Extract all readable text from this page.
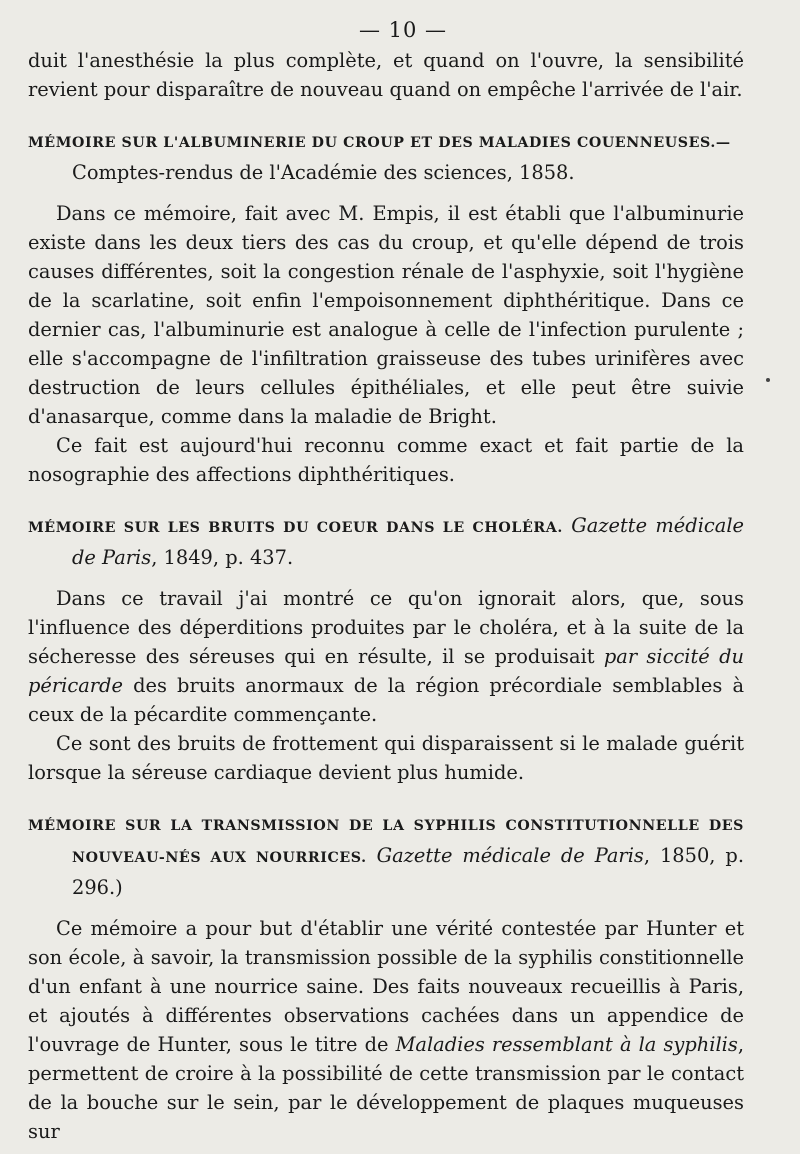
— 10 —

duit l'anesthésie la plus complète, et quand on l'ouvre, la sensibilité revient pour disparaître de nouveau quand on empêche l'arrivée de l'air.

MÉMOIRE SUR L'ALBUMINERIE DU CROUP ET DES MALADIES COUENNEUSES.—
Comptes-rendus de l'Académie des sciences, 1858.

Dans ce mémoire, fait avec M. Empis, il est établi que l'albuminurie existe dans les deux tiers des cas du croup, et qu'elle dépend de trois causes différentes, soit la congestion rénale de l'asphyxie, soit l'hygiène de la scarlatine, soit enfin l'empoisonnement diphthéritique. Dans ce dernier cas, l'albuminurie est analogue à celle de l'infection purulente ; elle s'accompagne de l'infiltration graisseuse des tubes urinifères avec destruction de leurs cellules épithéliales, et elle peut être suivie d'anasarque, comme dans la maladie de Bright.

Ce fait est aujourd'hui reconnu comme exact et fait partie de la nosographie des affections diphthéritiques.

MÉMOIRE SUR LES BRUITS DU COEUR DANS LE CHOLÉRA. Gazette médicale de Paris, 1849, p. 437.

Dans ce travail j'ai montré ce qu'on ignorait alors, que, sous l'influence des déperditions produites par le choléra, et à la suite de la sécheresse des séreuses qui en résulte, il se produisait par siccité du péricarde des bruits anormaux de la région précordiale semblables à ceux de la pécardite commençante.

Ce sont des bruits de frottement qui disparaissent si le malade guérit lorsque la séreuse cardiaque devient plus humide.

MÉMOIRE SUR LA TRANSMISSION DE LA SYPHILIS CONSTITUTIONNELLE DES NOUVEAU-NÉS AUX NOURRICES. Gazette médicale de Paris, 1850, p. 296.)

Ce mémoire a pour but d'établir une vérité contestée par Hunter et son école, à savoir, la transmission possible de la syphilis constitionnelle d'un enfant à une nourrice saine. Des faits nouveaux recueillis à Paris, et ajoutés à différentes observations cachées dans un appendice de l'ouvrage de Hunter, sous le titre de Maladies ressemblant à la syphilis, permettent de croire à la possibilité de cette transmission par le contact de la bouche sur le sein, par le développement de plaques muqueuses sur
